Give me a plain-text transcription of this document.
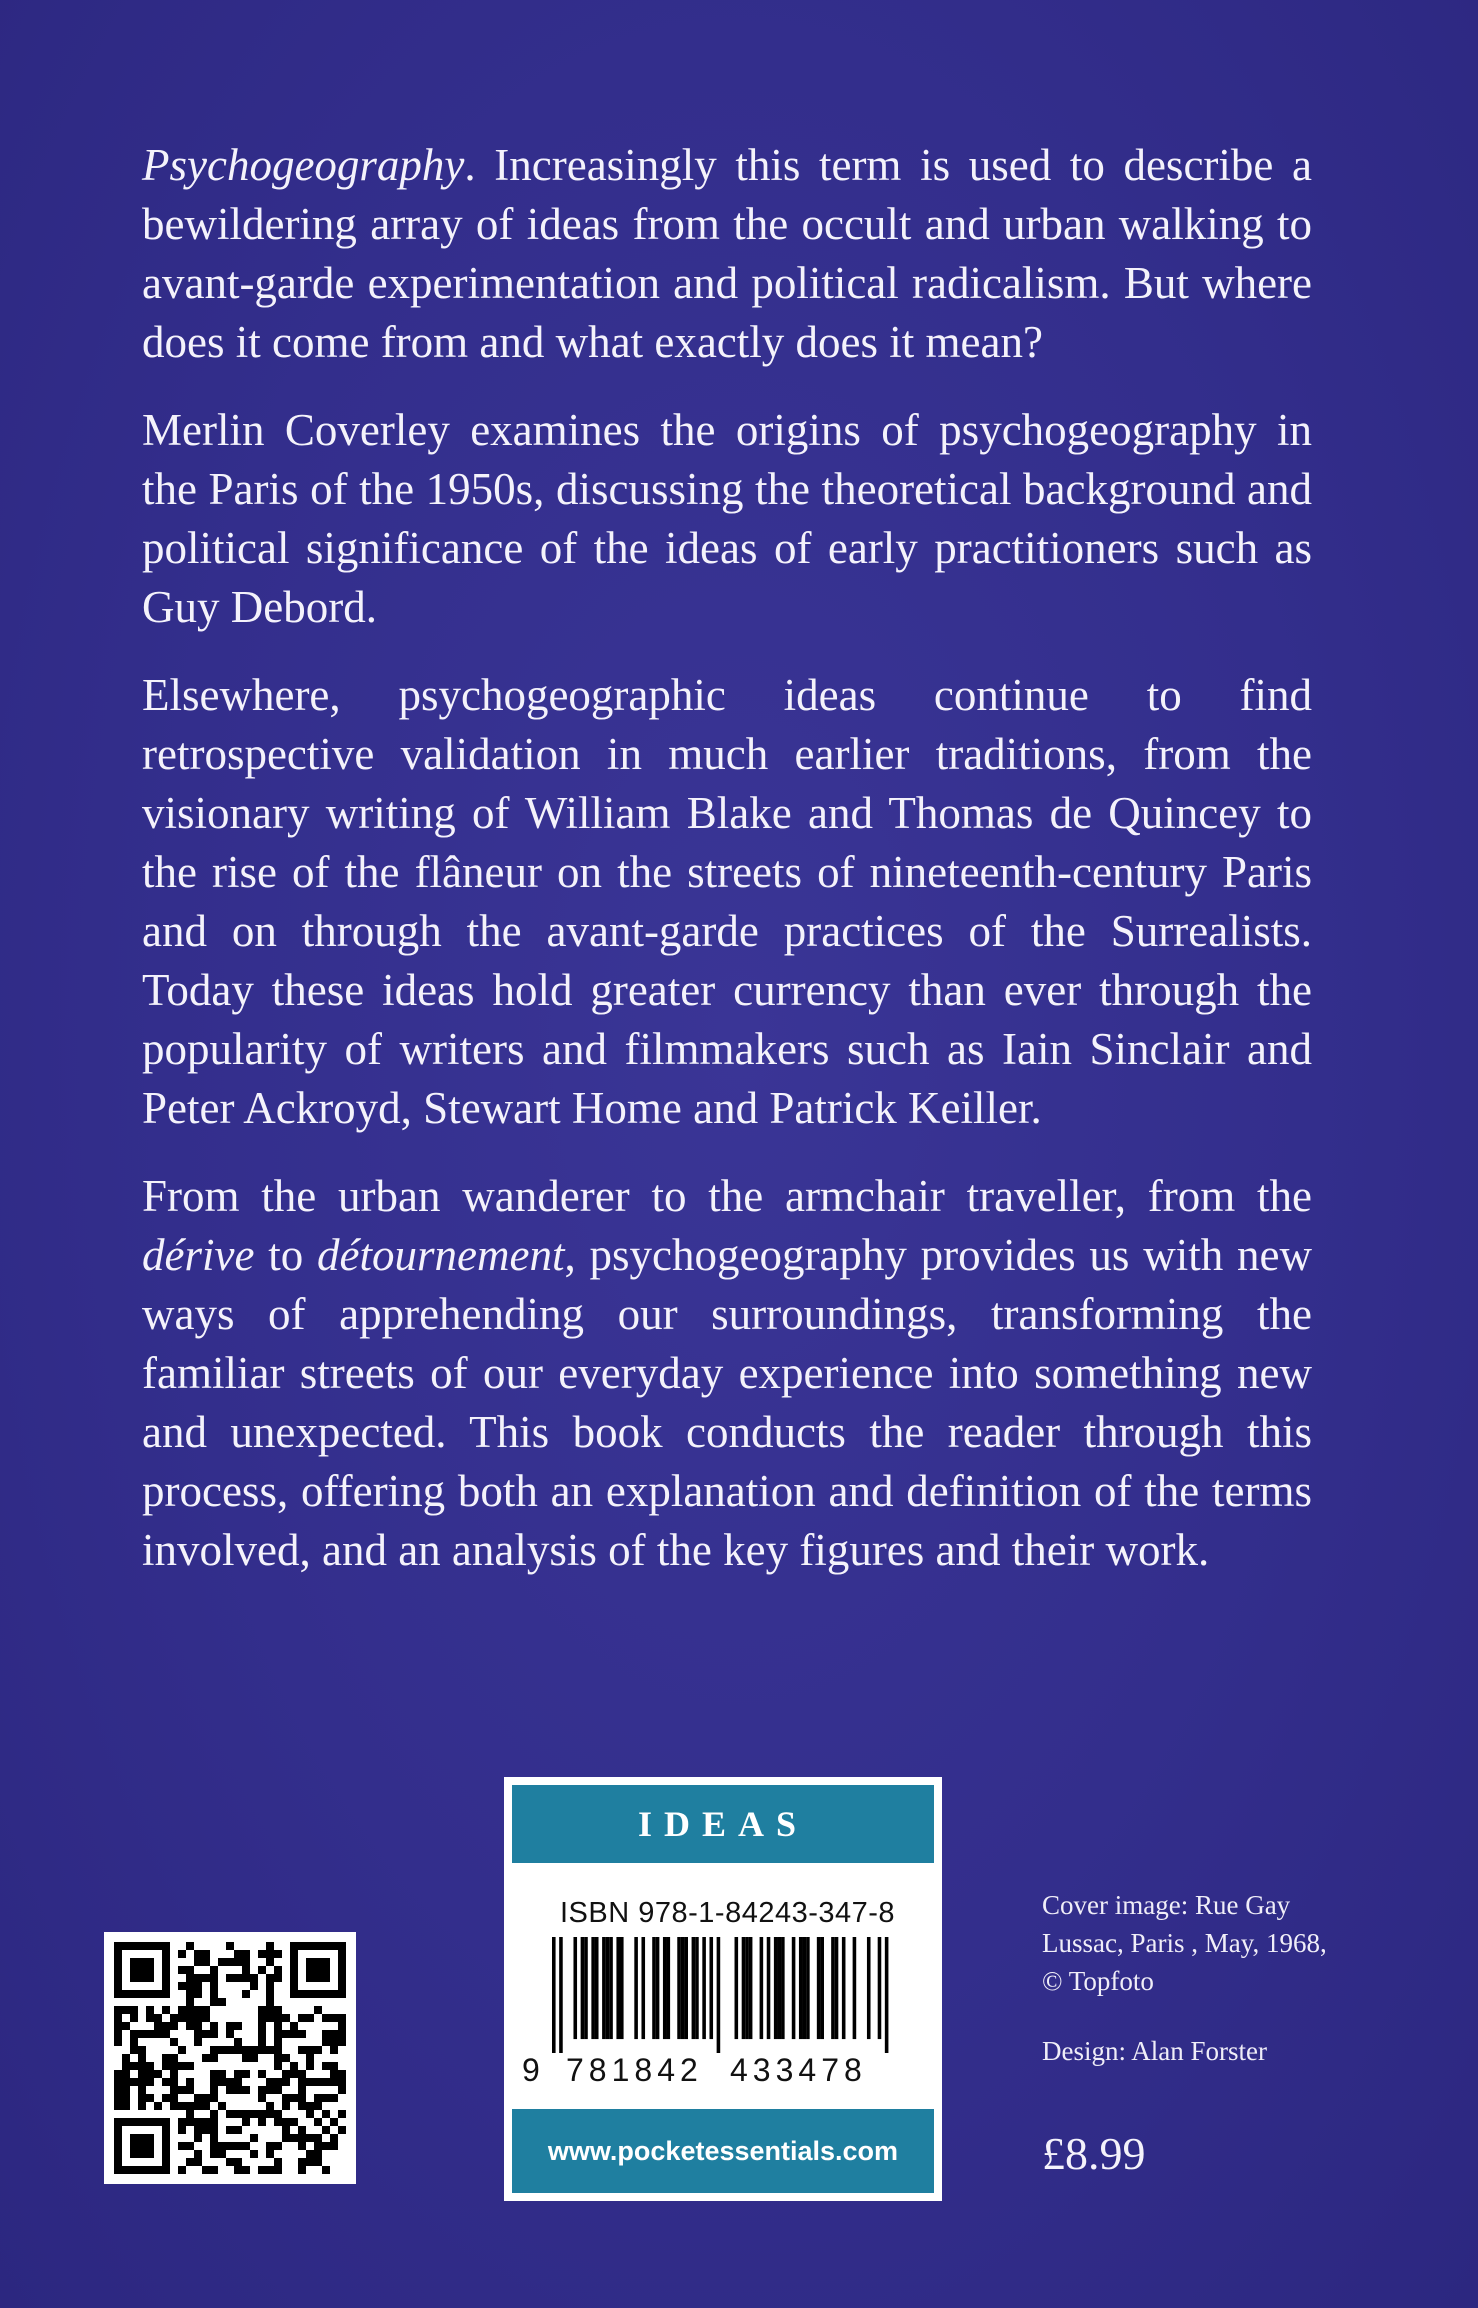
Psychogeography. Increasingly this term is used to describe a bewildering array of ideas from the occult and urban walking to avant-garde experimentation and political radicalism. But where does it come from and what exactly does it mean?

Merlin Coverley examines the origins of psychogeography in the Paris of the 1950s, discussing the theoretical background and political significance of the ideas of early practitioners such as Guy Debord.

Elsewhere, psychogeographic ideas continue to find retrospective validation in much earlier traditions, from the visionary writing of William Blake and Thomas de Quincey to the rise of the flâneur on the streets of nineteenth-century Paris and on through the avant-garde practices of the Surrealists. Today these ideas hold greater currency than ever through the popularity of writers and filmmakers such as Iain Sinclair and Peter Ackroyd, Stewart Home and Patrick Keiller.

From the urban wanderer to the armchair traveller, from the dérive to détournement, psychogeography provides us with new ways of apprehending our surroundings, transforming the familiar streets of our everyday experience into something new and unexpected. This book conducts the reader through this process, offering both an explanation and definition of the terms involved, and an analysis of the key figures and their work.

IDEAS
ISBN 978-1-84243-347-8
9 781842 433478
www.pocketessentials.com
Cover image: Rue Gay Lussac, Paris , May, 1968, © Topfoto
Design: Alan Forster
£8.99
